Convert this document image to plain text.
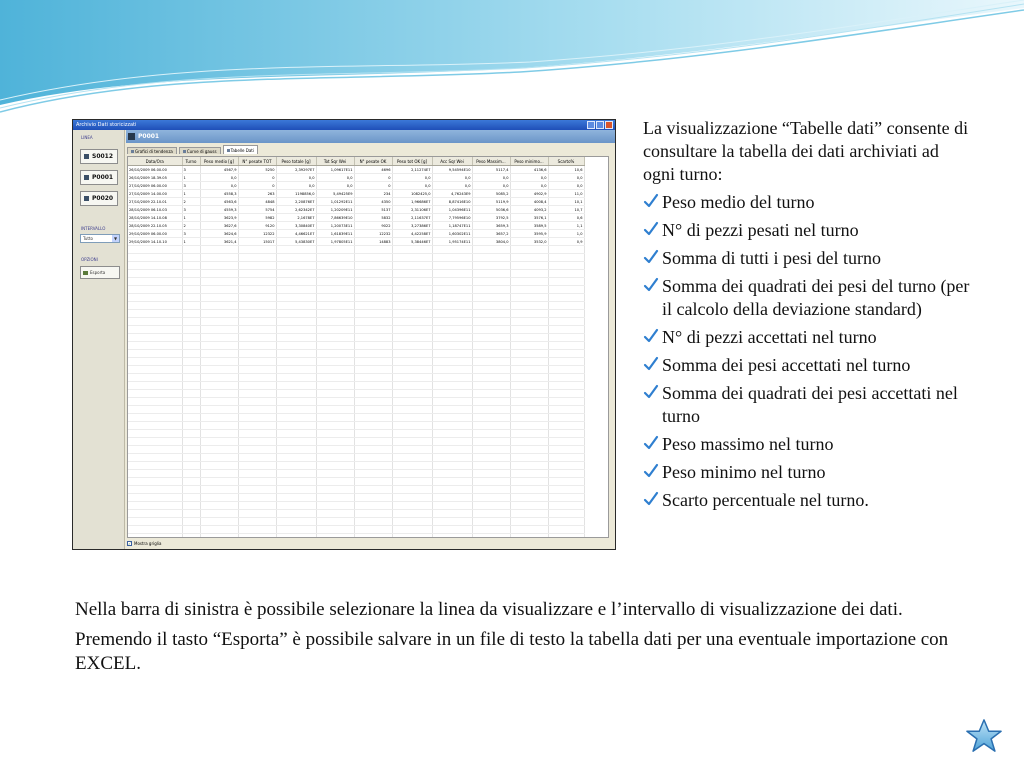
Archivio Dati storicizzati
LINEA
S0012
P0001
P0020
INTERVALLO
Tutto	▼
OPZIONI
Esporta
P0001
Grafici di tendenza	Curve di gauss	Tabelle Dati
Data/Ora	Turno	Peso medio [g]	N° pesate TOT	Peso totale [g]	Tot Sqr Wei	N° pesate OK	Peso tot OK [g]	Acc Sqr Wei	Peso Massim...	Peso minimo...	Scarto%
26/10/2009 06.00.00	3	4567,9	5250	2,39297E7	1,09617E11	4696	2,11274E7	9,54594E10	5117,4	4136,6	10,6
26/10/2009 18.39.05	1	0,0	0	0,0	0,0	0	0,0	0,0	0,0	0,0	0,0
27/10/2009 06.00.00	3	0,0	0	0,0	0,0	0	0,0	0,0	0,0	0,0	0,0
27/10/2009 14.00.00	1	4558,3	263	1198856,0	5,49425E9	234	1082425,0	4,76243E9	5085,2	4902,9	11,0
27/10/2009 22.10.01	2	4563,6	4848	2,20876E7	1,01292E11	4350	1,96686E7	8,87416E10	5119,9	4008,4	10,1
28/10/2009 06.10.03	3	4559,3	5754	2,62342E7	1,20209E11	5137	2,31106E7	1,04396E11	5036,6	4093,2	10,7
28/10/2009 14.10.08	1	3623,9	5982	2,1678E7	7,86639E10	5832	2,11637E7	7,79596E10	3792,5	3576,1	0,6
28/10/2009 22.10.05	2	3627,6	9120	3,30840E7	1,20073E11	9022	3,27386E7	1,18747E11	3659,3	3589,5	1,1
29/10/2009 06.00.00	3	3624,6	12322	4,46621E7	1,61839E11	12232	4,42258E7	1,60302E11	3657,2	3595,9	1,0
29/10/2009 14.10.10	1	3621,4	15017	5,43830E7	1,97805E11	14883	5,38446E7	1,95174E11	3804,0	3532,0	0,9

✓ Mostra griglia

La visualizzazione “Tabelle dati” consente di consultare la tabella dei dati archiviati ad ogni turno:

Peso medio del turno
N° di pezzi pesati nel turno
Somma di tutti i pesi del turno
Somma dei quadrati dei pesi del turno (per il calcolo della deviazione standard)
N° di pezzi accettati nel turno
Somma dei pesi accettati nel turno
Somma dei quadrati dei pesi accettati nel turno
Peso massimo nel turno
Peso minimo nel turno
Scarto percentuale nel turno.

Nella barra di sinistra è possibile selezionare la linea da visualizzare e l’intervallo di visualizzazione dei dati.

Premendo il tasto “Esporta” è possibile salvare in un file di testo la tabella dati per una eventuale importazione con EXCEL.
